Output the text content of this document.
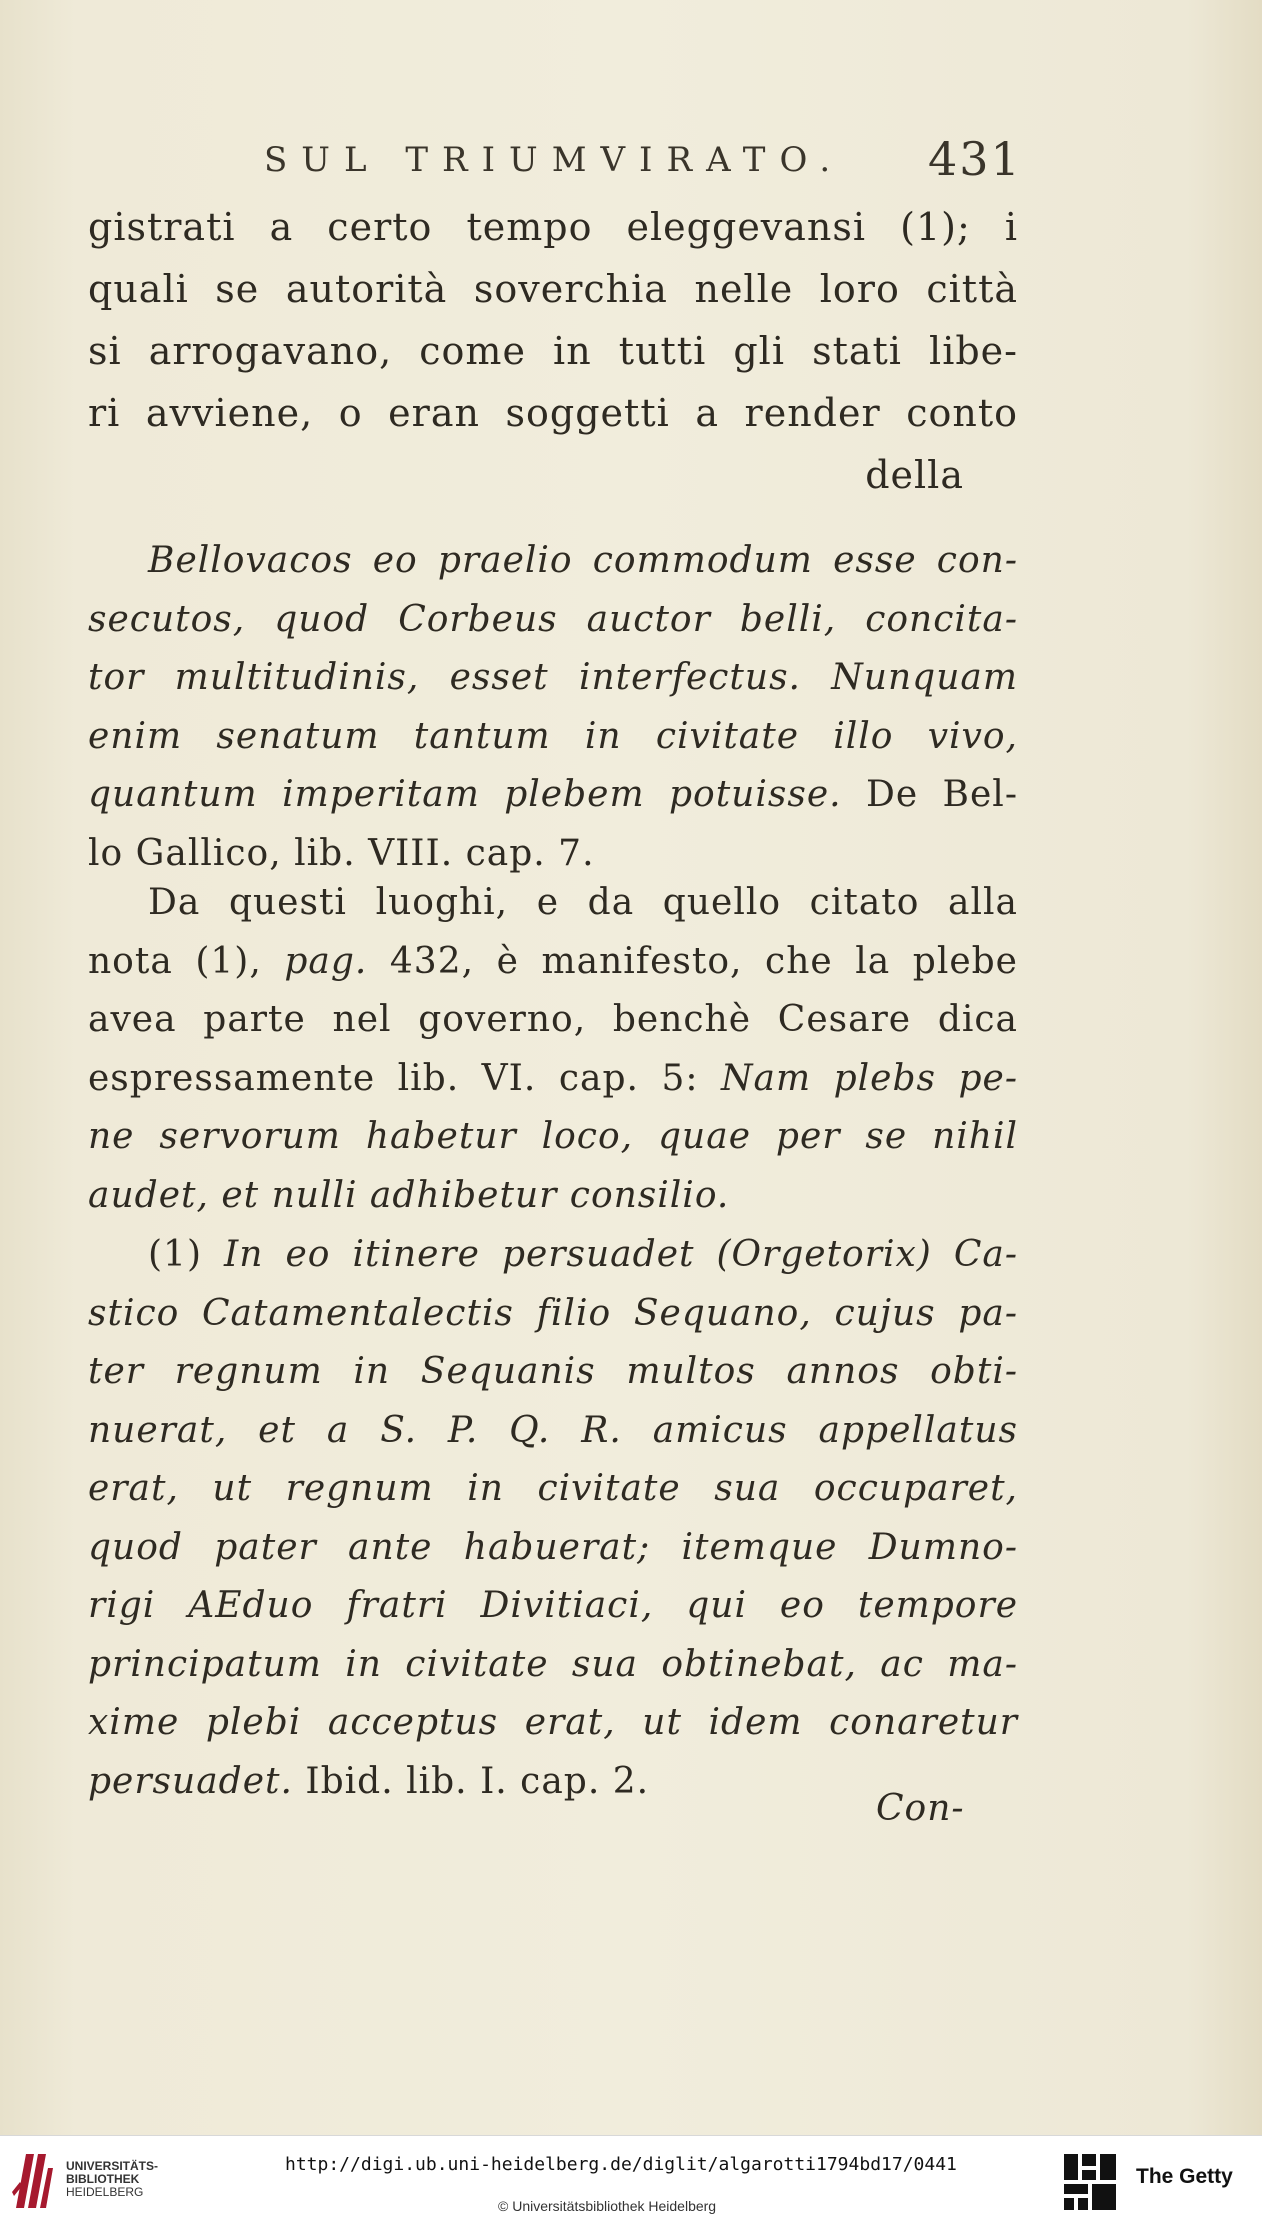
SUL TRIUMVIRATO. 431
gistrati a certo tempo eleggevansi (1); i
quali se autorità soverchia nelle loro città
si arrogavano, come in tutti gli stati libe-
ri avviene, o eran soggetti a render conto
della
Bellovacos eo praelio commodum esse con-
secutos, quod Corbeus auctor belli, concita-
tor multitudinis, esset interfectus. Nunquam
enim senatum tantum in civitate illo vivo,
quantum imperitam plebem potuisse. De Bel-
lo Gallico, lib. VIII. cap. 7.
Da questi luoghi, e da quello citato alla
nota (1), pag. 432, è manifesto, che la plebe
avea parte nel governo, benchè Cesare dica
espressamente lib. VI. cap. 5: Nam plebs pe-
ne servorum habetur loco, quae per se nihil
audet, et nulli adhibetur consilio.
(1) In eo itinere persuadet (Orgetorix) Ca-
stico Catamentalectis filio Sequano, cujus pa-
ter regnum in Sequanis multos annos obti-
nuerat, et a S. P. Q. R. amicus appellatus
erat, ut regnum in civitate sua occuparet,
quod pater ante habuerat; itemque Dumno-
rigi AEduo fratri Divitiaci, qui eo tempore
principatum in civitate sua obtinebat, ac ma-
xime plebi acceptus erat, ut idem conaretur
persuadet. Ibid. lib. I. cap. 2.
Con-
UNIVERSITÄTS-
BIBLIOTHEK
HEIDELBERG
http://digi.ub.uni-heidelberg.de/diglit/algarotti1794bd17/0441
© Universitätsbibliothek Heidelberg
The Getty
